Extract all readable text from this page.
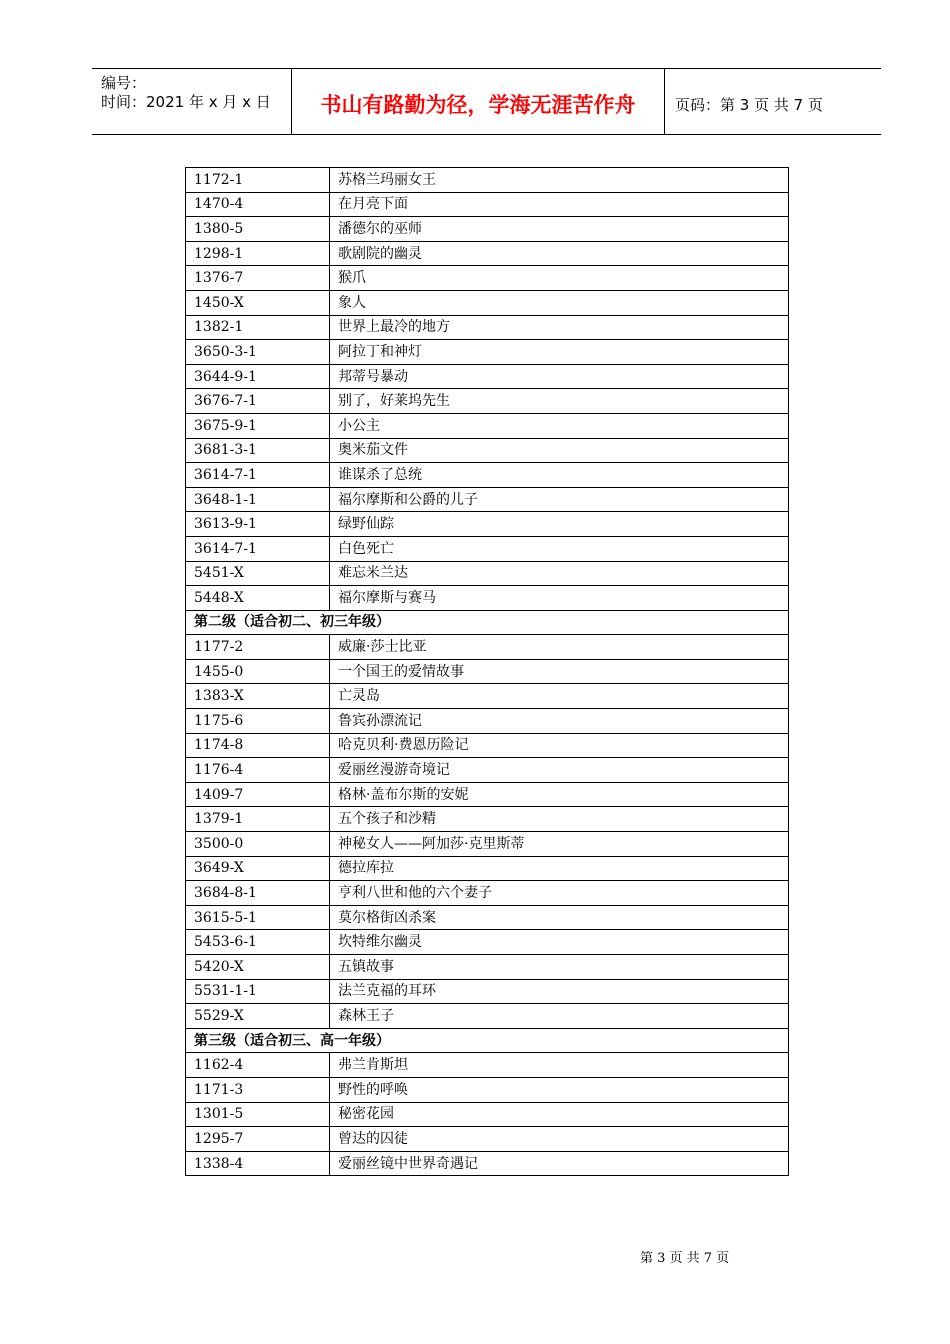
编号：
时间：2021 年 x 月 x 日	书山有路勤为径，学海无涯苦作舟	页码：第 3 页 共 7 页
1172-1	苏格兰玛丽女王
1470-4	在月亮下面
1380-5	潘德尔的巫师
1298-1	歌剧院的幽灵
1376-7	猴爪
1450-X	象人
1382-1	世界上最冷的地方
3650-3-1	阿拉丁和神灯
3644-9-1	邦蒂号暴动
3676-7-1	别了，好莱坞先生
3675-9-1	小公主
3681-3-1	奥米茄文件
3614-7-1	谁谋杀了总统
3648-1-1	福尔摩斯和公爵的儿子
3613-9-1	绿野仙踪
3614-7-1	白色死亡
5451-X	难忘米兰达
5448-X	福尔摩斯与赛马
第二级（适合初二、初三年级）	
1177-2	威廉·莎士比亚
1455-0	一个国王的爱情故事
1383-X	亡灵岛
1175-6	鲁宾孙漂流记
1174-8	哈克贝利·费恩历险记
1176-4	爱丽丝漫游奇境记
1409-7	格林·盖布尔斯的安妮
1379-1	五个孩子和沙精
3500-0	神秘女人——阿加莎·克里斯蒂
3649-X	德拉库拉
3684-8-1	亨利八世和他的六个妻子
3615-5-1	莫尔格街凶杀案
5453-6-1	坎特维尔幽灵
5420-X	五镇故事
5531-1-1	法兰克福的耳环
5529-X	森林王子
第三级（适合初三、高一年级）	
1162-4	弗兰肯斯坦
1171-3	野性的呼唤
1301-5	秘密花园
1295-7	曾达的囚徒
1338-4	爱丽丝镜中世界奇遇记
第 3 页 共 7 页
